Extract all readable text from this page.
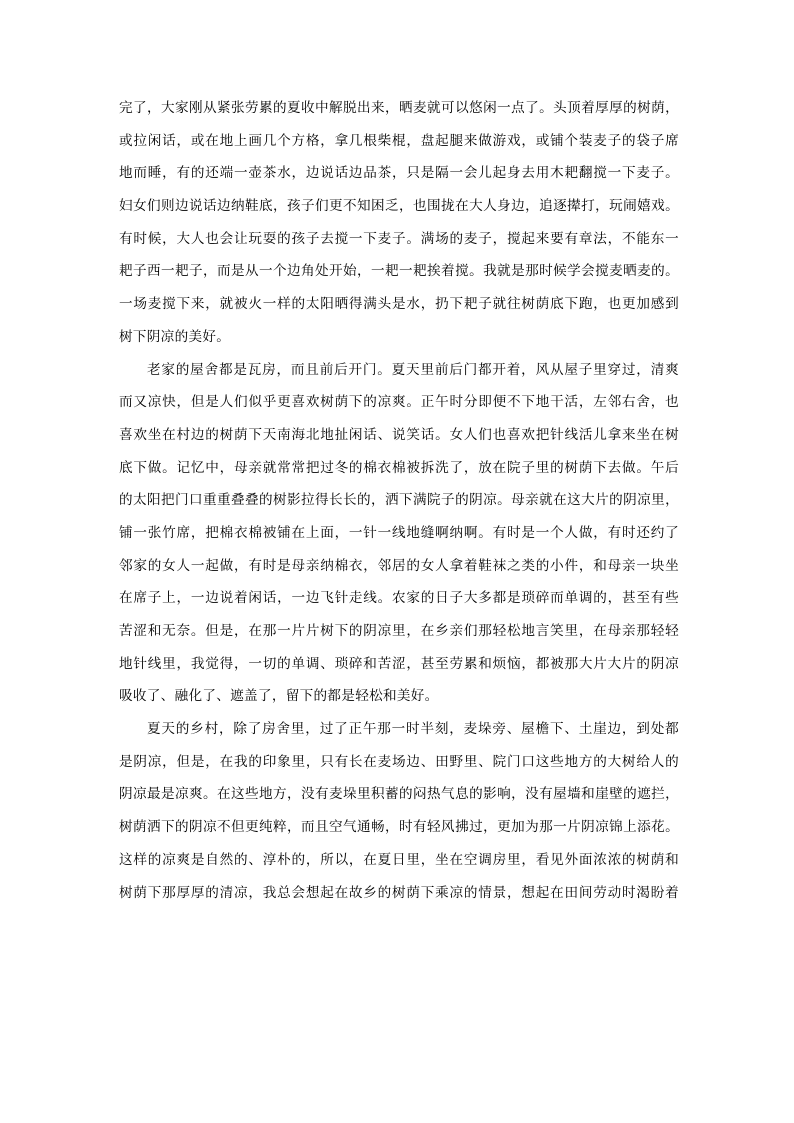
完了，大家刚从紧张劳累的夏收中解脱出来，晒麦就可以悠闲一点了。头顶着厚厚的树荫，
或拉闲话，或在地上画几个方格，拿几根柴棍，盘起腿来做游戏，或铺个装麦子的袋子席
地而睡，有的还端一壶茶水，边说话边品茶，只是隔一会儿起身去用木耙翻搅一下麦子。
妇女们则边说话边纳鞋底，孩子们更不知困乏，也围拢在大人身边，追逐撵打，玩闹嬉戏。
有时候，大人也会让玩耍的孩子去搅一下麦子。满场的麦子，搅起来要有章法，不能东一
耙子西一耙子，而是从一个边角处开始，一耙一耙挨着搅。我就是那时候学会搅麦晒麦的。
一场麦搅下来，就被火一样的太阳晒得满头是水，扔下耙子就往树荫底下跑，也更加感到
树下阴凉的美好。
老家的屋舍都是瓦房，而且前后开门。夏天里前后门都开着，风从屋子里穿过，清爽
而又凉快，但是人们似乎更喜欢树荫下的凉爽。正午时分即便不下地干活，左邻右舍，也
喜欢坐在村边的树荫下天南海北地扯闲话、说笑话。女人们也喜欢把针线活儿拿来坐在树
底下做。记忆中，母亲就常常把过冬的棉衣棉被拆洗了，放在院子里的树荫下去做。午后
的太阳把门口重重叠叠的树影拉得长长的，洒下满院子的阴凉。母亲就在这大片的阴凉里，
铺一张竹席，把棉衣棉被铺在上面，一针一线地缝啊纳啊。有时是一个人做，有时还约了
邻家的女人一起做，有时是母亲纳棉衣，邻居的女人拿着鞋袜之类的小件，和母亲一块坐
在席子上，一边说着闲话，一边飞针走线。农家的日子大多都是琐碎而单调的，甚至有些
苦涩和无奈。但是，在那一片片树下的阴凉里，在乡亲们那轻松地言笑里，在母亲那轻轻
地针线里，我觉得，一切的单调、琐碎和苦涩，甚至劳累和烦恼，都被那大片大片的阴凉
吸收了、融化了、遮盖了，留下的都是轻松和美好。
夏天的乡村，除了房舍里，过了正午那一时半刻，麦垛旁、屋檐下、土崖边，到处都
是阴凉，但是，在我的印象里，只有长在麦场边、田野里、院门口这些地方的大树给人的
阴凉最是凉爽。在这些地方，没有麦垛里积蓄的闷热气息的影响，没有屋墙和崖壁的遮拦，
树荫洒下的阴凉不但更纯粹，而且空气通畅，时有轻风拂过，更加为那一片阴凉锦上添花。
这样的凉爽是自然的、淳朴的，所以，在夏日里，坐在空调房里，看见外面浓浓的树荫和
树荫下那厚厚的清凉，我总会想起在故乡的树荫下乘凉的情景，想起在田间劳动时渴盼着
